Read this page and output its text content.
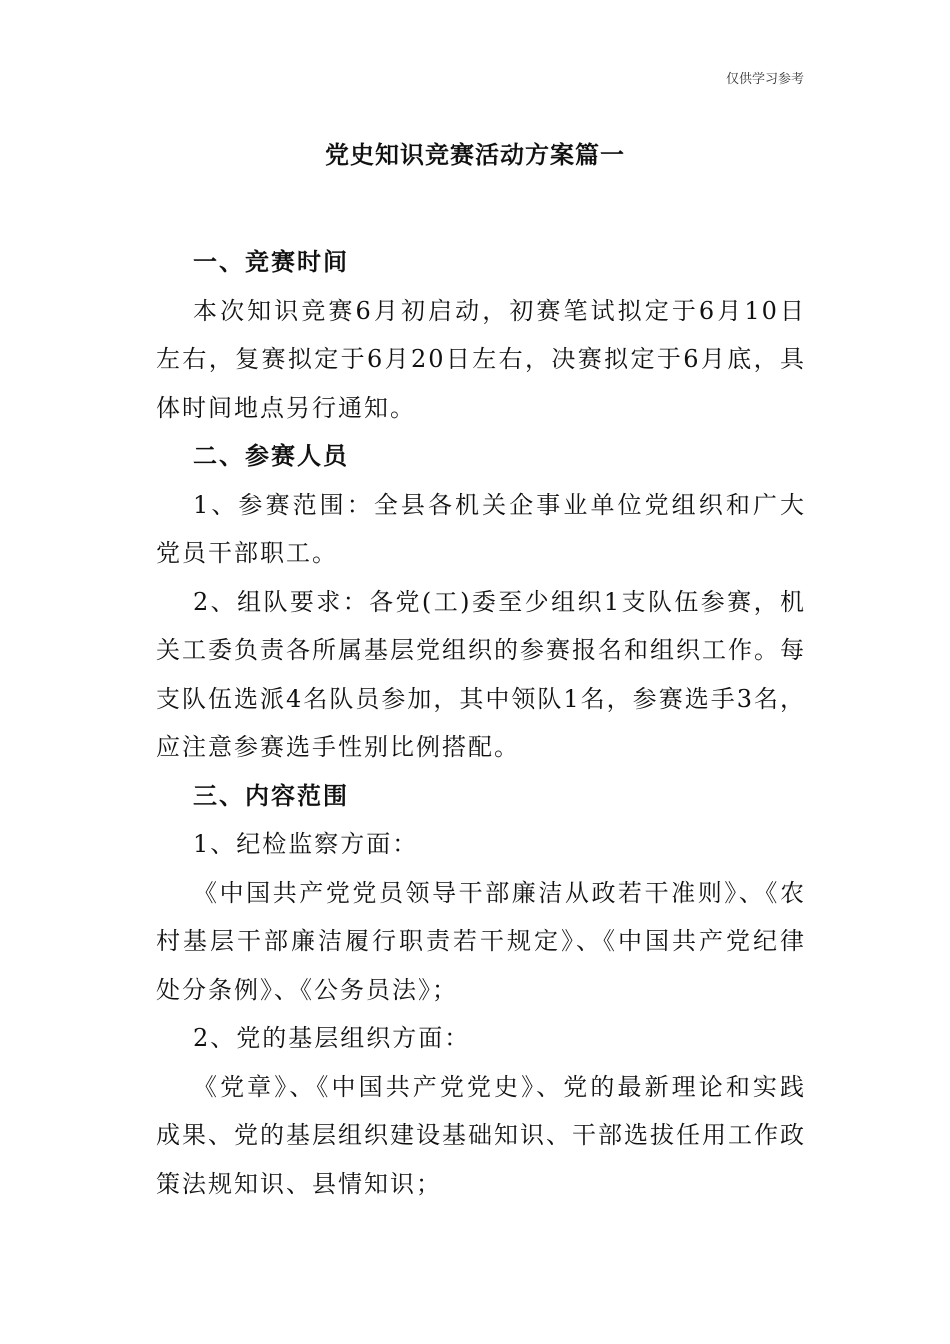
仅供学习参考
党史知识竞赛活动方案篇一
一、竞赛时间

本次知识竞赛6月初启动，初赛笔试拟定于6月10日左右，复赛拟定于6月20日左右，决赛拟定于6月底，具体时间地点另行通知。

二、参赛人员

1、参赛范围：全县各机关企事业单位党组织和广大党员干部职工。

2、组队要求：各党(工)委至少组织1支队伍参赛，机关工委负责各所属基层党组织的参赛报名和组织工作。每支队伍选派4名队员参加，其中领队1名，参赛选手3名，应注意参赛选手性别比例搭配。

三、内容范围

1、纪检监察方面：

《中国共产党党员领导干部廉洁从政若干准则》、《农村基层干部廉洁履行职责若干规定》、《中国共产党纪律处分条例》、《公务员法》；

2、党的基层组织方面：

《党章》、《中国共产党党史》、党的最新理论和实践成果、党的基层组织建设基础知识、干部选拔任用工作政策法规知识、县情知识；
